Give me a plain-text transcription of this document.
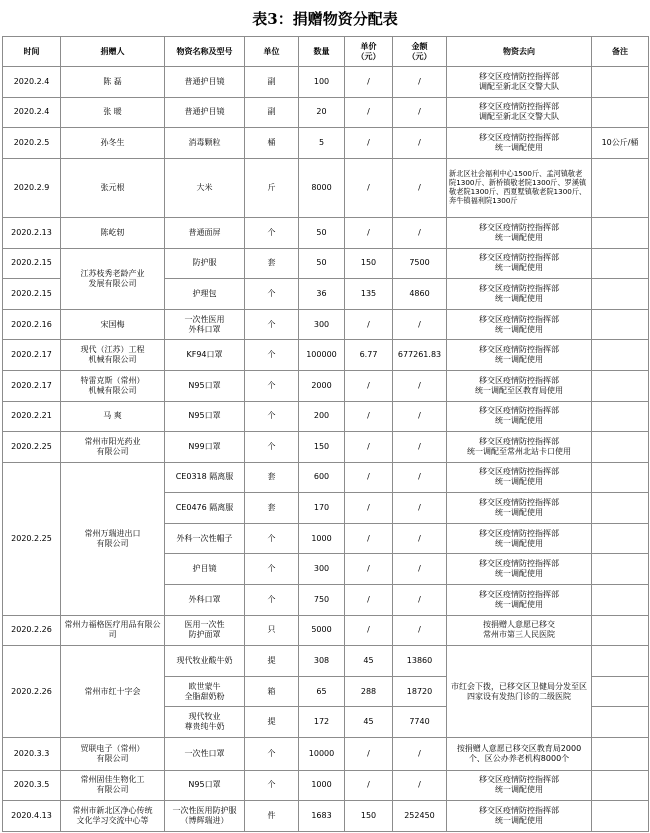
表3：捐赠物资分配表
时间	捐赠人	物资名称及型号	单位	数量	单价
（元）	金额
（元）	物资去向	备注
2020.2.4	陈 磊	普通护目镜	副	100	/	/	移交区疫情防控指挥部
调配至新北区交警大队	
2020.2.4	张 暖	普通护目镜	副	20	/	/	移交区疫情防控指挥部
调配至新北区交警大队	
2020.2.5	孙冬生	消毒颗粒	桶	5	/	/	移交区疫情防控指挥部
统一调配使用	10公斤/桶
2020.2.9	张元根	大米	斤	8000	/	/	新北区社会福利中心1500斤、孟河镇敬老院1300斤、新桥镇敬老院1300斤、罗溪镇敬老院1300斤、西夏墅镇敬老院1300斤、奔牛镇福利院1300斤	
2020.2.13	陈屹轫	普通面屏	个	50	/	/	移交区疫情防控指挥部
统一调配使用	
2020.2.15	江苏枝秀老龄产业
发展有限公司	防护服	套	50	150	7500	移交区疫情防控指挥部
统一调配使用	
2020.2.15		护理包	个	36	135	4860	移交区疫情防控指挥部
统一调配使用	
2020.2.16	宋国梅	一次性医用
外科口罩	个	300	/	/	移交区疫情防控指挥部
统一调配使用	
2020.2.17	现代（江苏）工程
机械有限公司	KF94口罩	个	100000	6.77	677261.83	移交区疫情防控指挥部
统一调配使用	
2020.2.17	特雷克斯（常州）
机械有限公司	N95口罩	个	2000	/	/	移交区疫情防控指挥部
统一调配至区教育局使用	
2020.2.21	马 爽	N95口罩	个	200	/	/	移交区疫情防控指挥部
统一调配使用	
2020.2.25	常州市阳光药业
有限公司	N99口罩	个	150	/	/	移交区疫情防控指挥部
统一调配至常州北站卡口使用	
2020.2.25	常州万瑞进出口
有限公司	CE0318 隔离服	套	600	/	/	移交区疫情防控指挥部
统一调配使用	
		CE0476 隔离服	套	170	/	/	移交区疫情防控指挥部
统一调配使用	
		外科一次性帽子	个	1000	/	/	移交区疫情防控指挥部
统一调配使用	
		护目镜	个	300	/	/	移交区疫情防控指挥部
统一调配使用	
		外科口罩	个	750	/	/	移交区疫情防控指挥部
统一调配使用	
2020.2.26	常州力福格医疗用品有限公司	医用一次性
防护面罩	只	5000	/	/	按捐赠人意愿已移交
常州市第三人民医院	
2020.2.26	常州市红十字会	现代牧业酸牛奶	提	308	45	13860	市红会下拨，已移交区卫健局分发至区四家设有发热门诊的二级医院	
		欧世蒙牛
全脂甜奶粉	箱	65	288	18720		
		现代牧业
尊贵纯牛奶	提	172	45	7740		
2020.3.3	贸联电子（常州）
有限公司	一次性口罩	个	10000	/	/	按捐赠人意愿已移交区教育局2000个、区公办养老机构8000个	
2020.3.5	常州固佳生物化工
有限公司	N95口罩	个	1000	/	/	移交区疫情防控指挥部
统一调配使用	
2020.4.13	常州市新北区净心传统
文化学习交流中心等	一次性医用防护服
（博辉瑞进）	件	1683	150	252450	移交区疫情防控指挥部
统一调配使用	
